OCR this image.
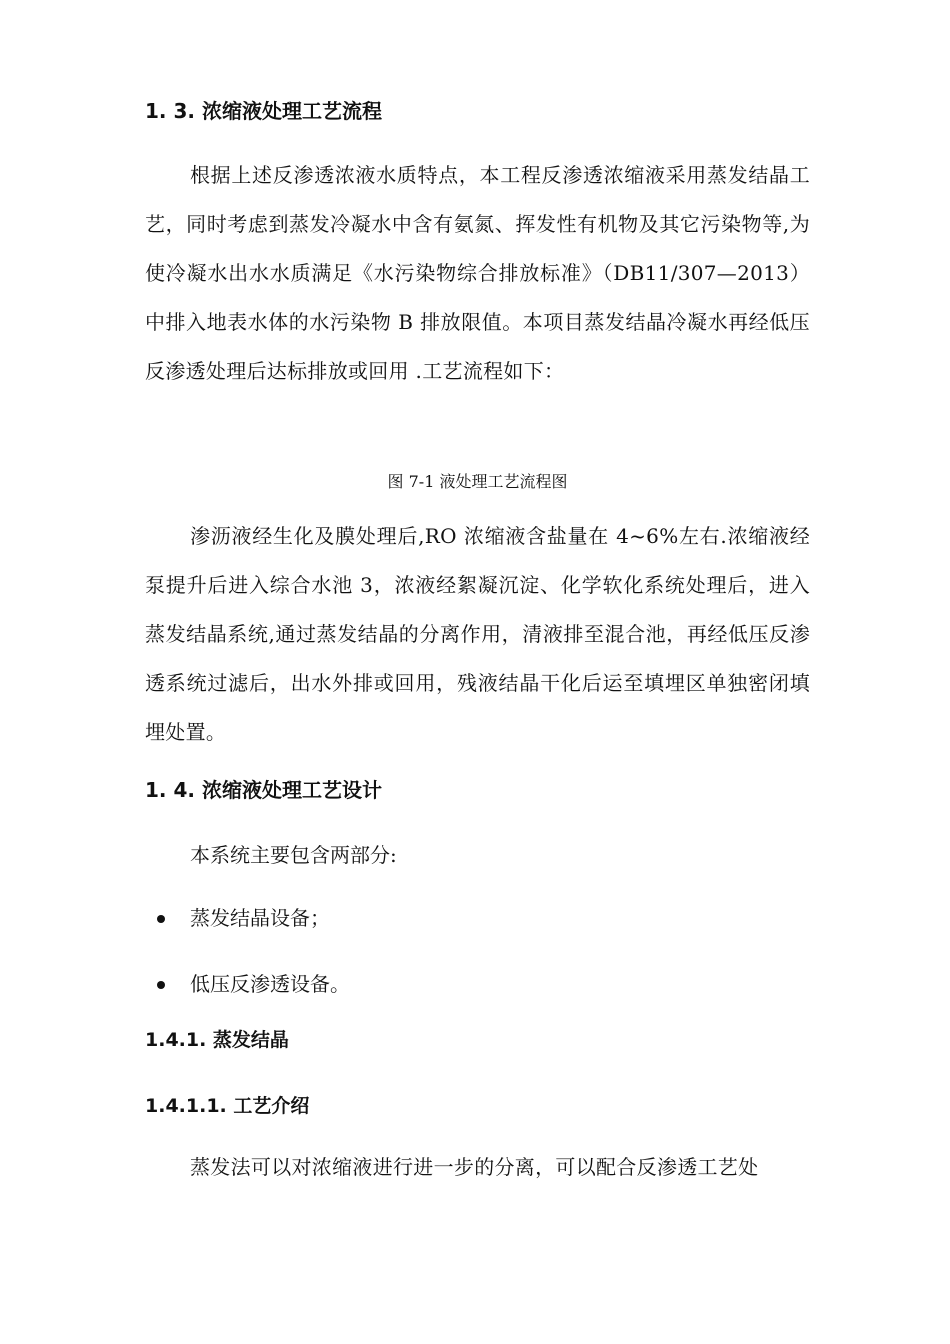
1. 3. 浓缩液处理工艺流程
根据上述反渗透浓液水质特点，本工程反渗透浓缩液采用蒸发结晶工艺，同时考虑到蒸发冷凝水中含有氨氮、挥发性有机物及其它污染物等,为使冷凝水出水水质满足《水污染物综合排放标准》（DB11/307—2013）中排入地表水体的水污染物 B 排放限值。本项目蒸发结晶冷凝水再经低压反渗透处理后达标排放或回用 .工艺流程如下：
图 7-1 液处理工艺流程图
渗沥液经生化及膜处理后,RO 浓缩液含盐量在 4~6%左右.浓缩液经泵提升后进入综合水池 3，浓液经絮凝沉淀、化学软化系统处理后，进入蒸发结晶系统,通过蒸发结晶的分离作用，清液排至混合池，再经低压反渗透系统过滤后，出水外排或回用，残液结晶干化后运至填埋区单独密闭填埋处置。
1. 4. 浓缩液处理工艺设计
本系统主要包含两部分:
蒸发结晶设备；
低压反渗透设备。
1.4.1. 蒸发结晶
1.4.1.1. 工艺介绍
蒸发法可以对浓缩液进行进一步的分离，可以配合反渗透工艺处
